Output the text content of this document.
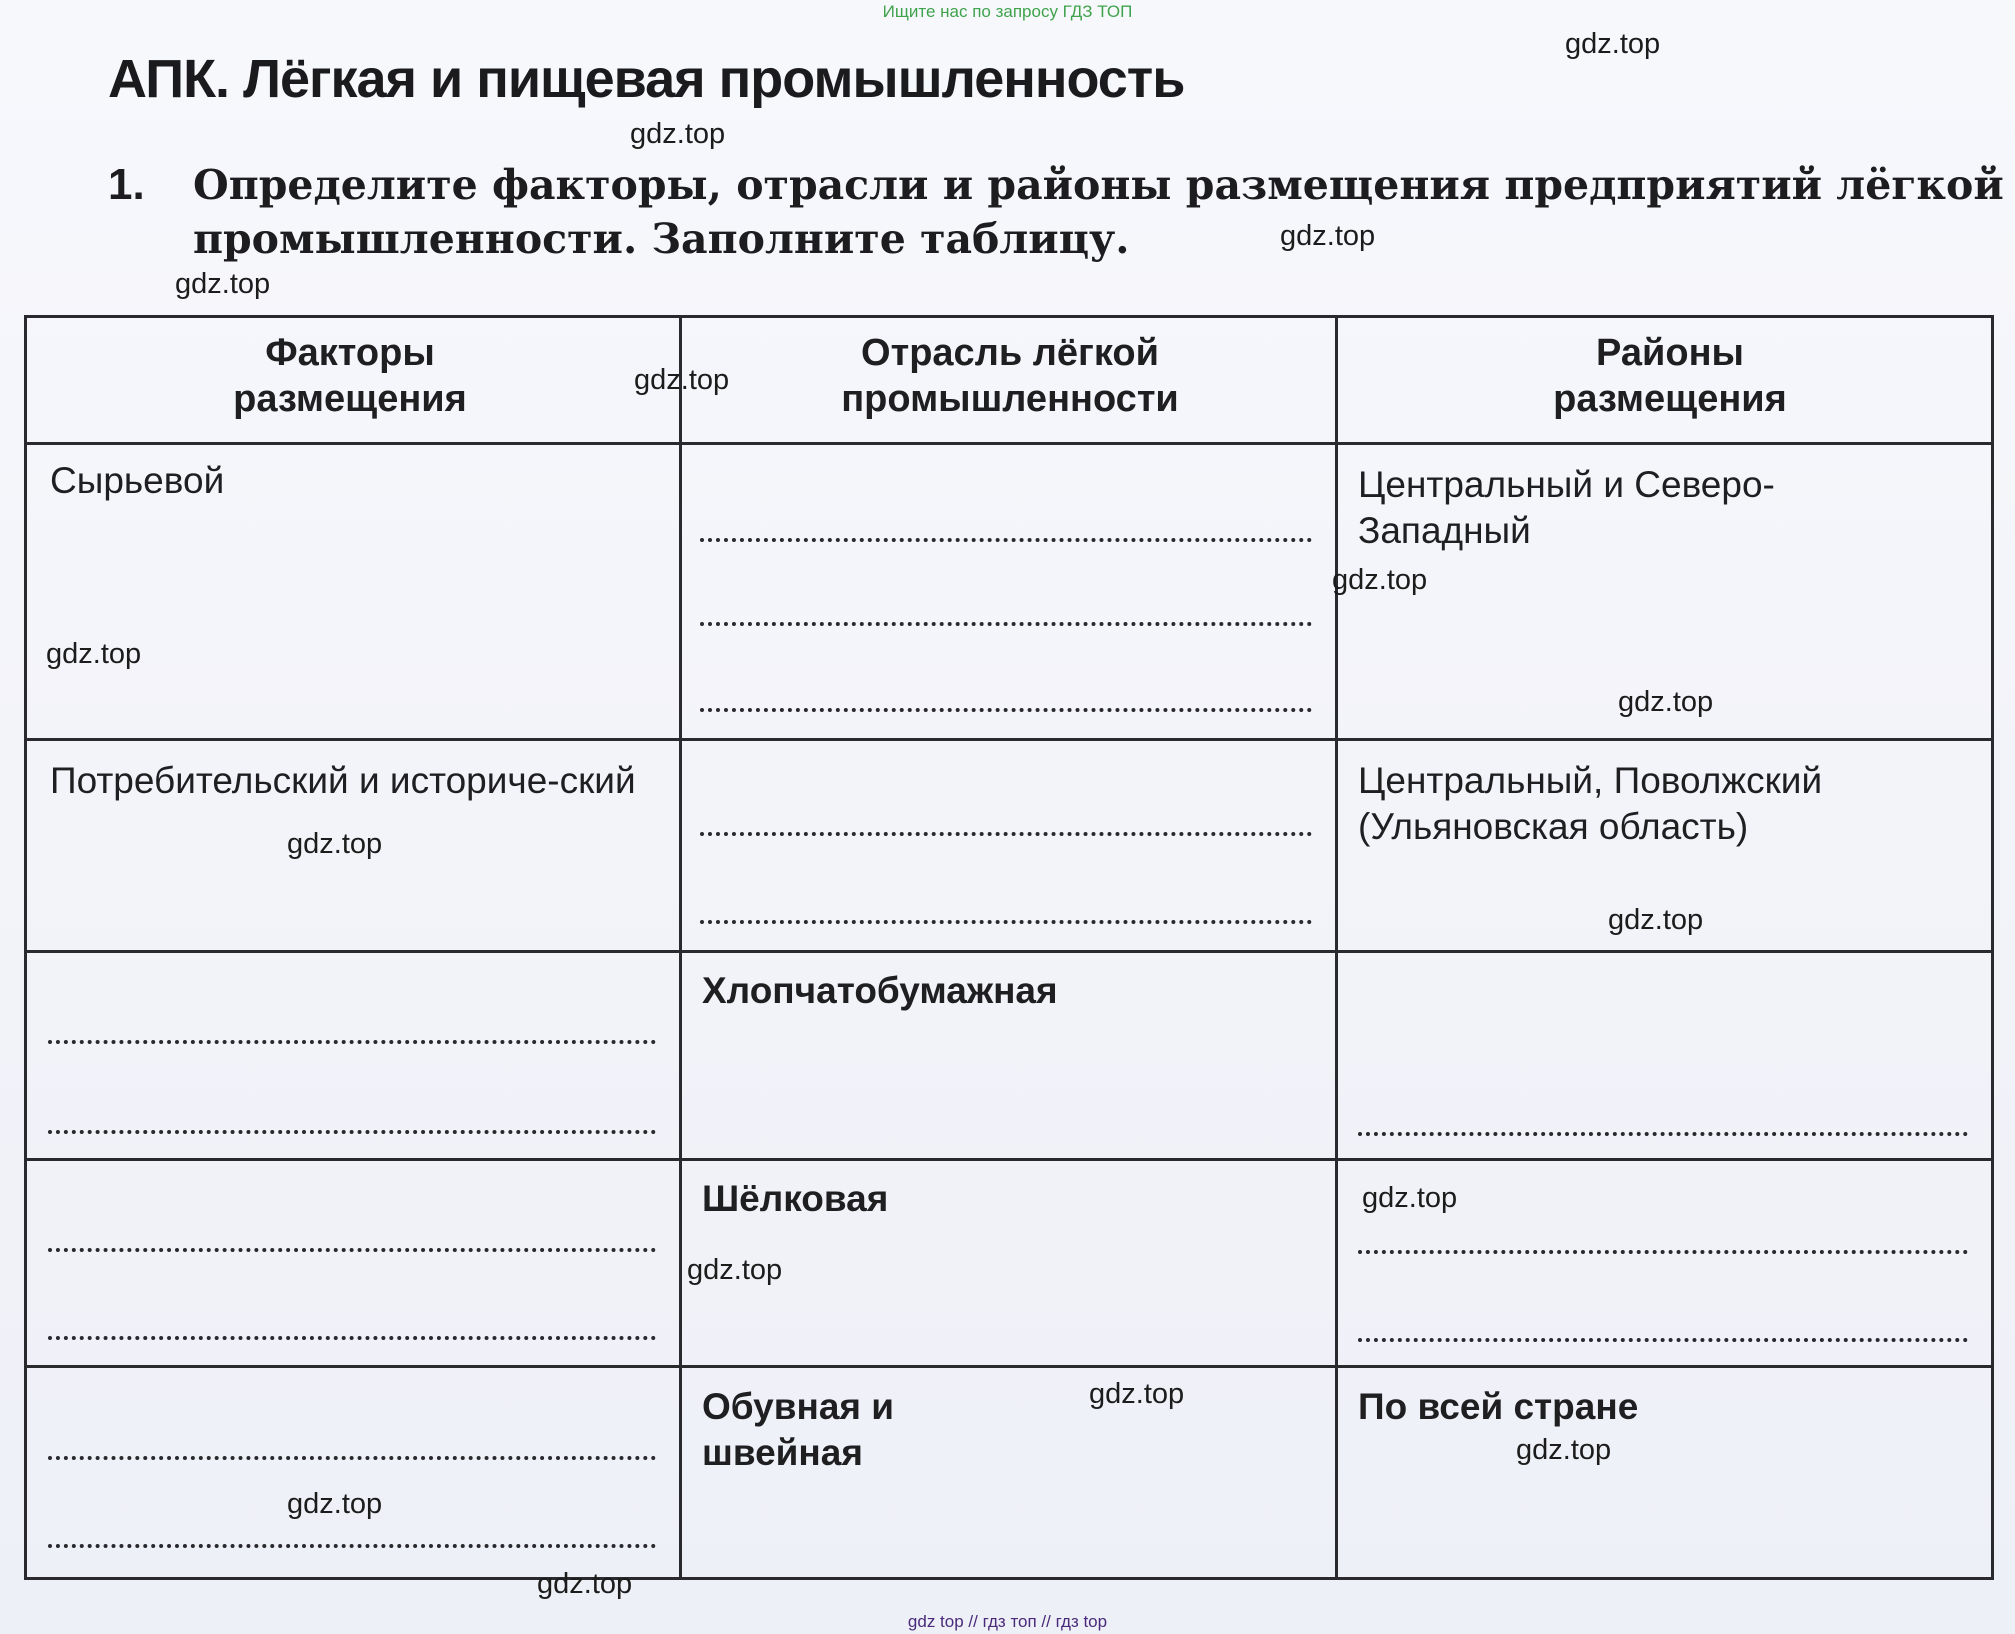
Ищите нас по запросу ГДЗ ТОП
АПК. Лёгкая и пищевая промышленность
1. Определите факторы, отрасли и районы размещения предприятий лёгкой промышленности. Заполните таблицу.
Факторы размещения
Отрасль лёгкой промышленности
Районы размещения
Сырьевой	Центральный и Северо-Западный
Потребительский и историче-ский	Центральный, Поволжский (Ульяновская область)
Хлопчатобумажная
Шёлковая
Обувная и швейная
По всей стране
gdz.top
gdz.top
gdz.top
gdz.top
gdz.top
gdz.top
gdz.top
gdz.top
gdz.top
gdz.top
gdz.top
gdz.top
gdz.top
gdz.top
gdz.top
gdz.top
gdz top // гдз топ // гдз top
